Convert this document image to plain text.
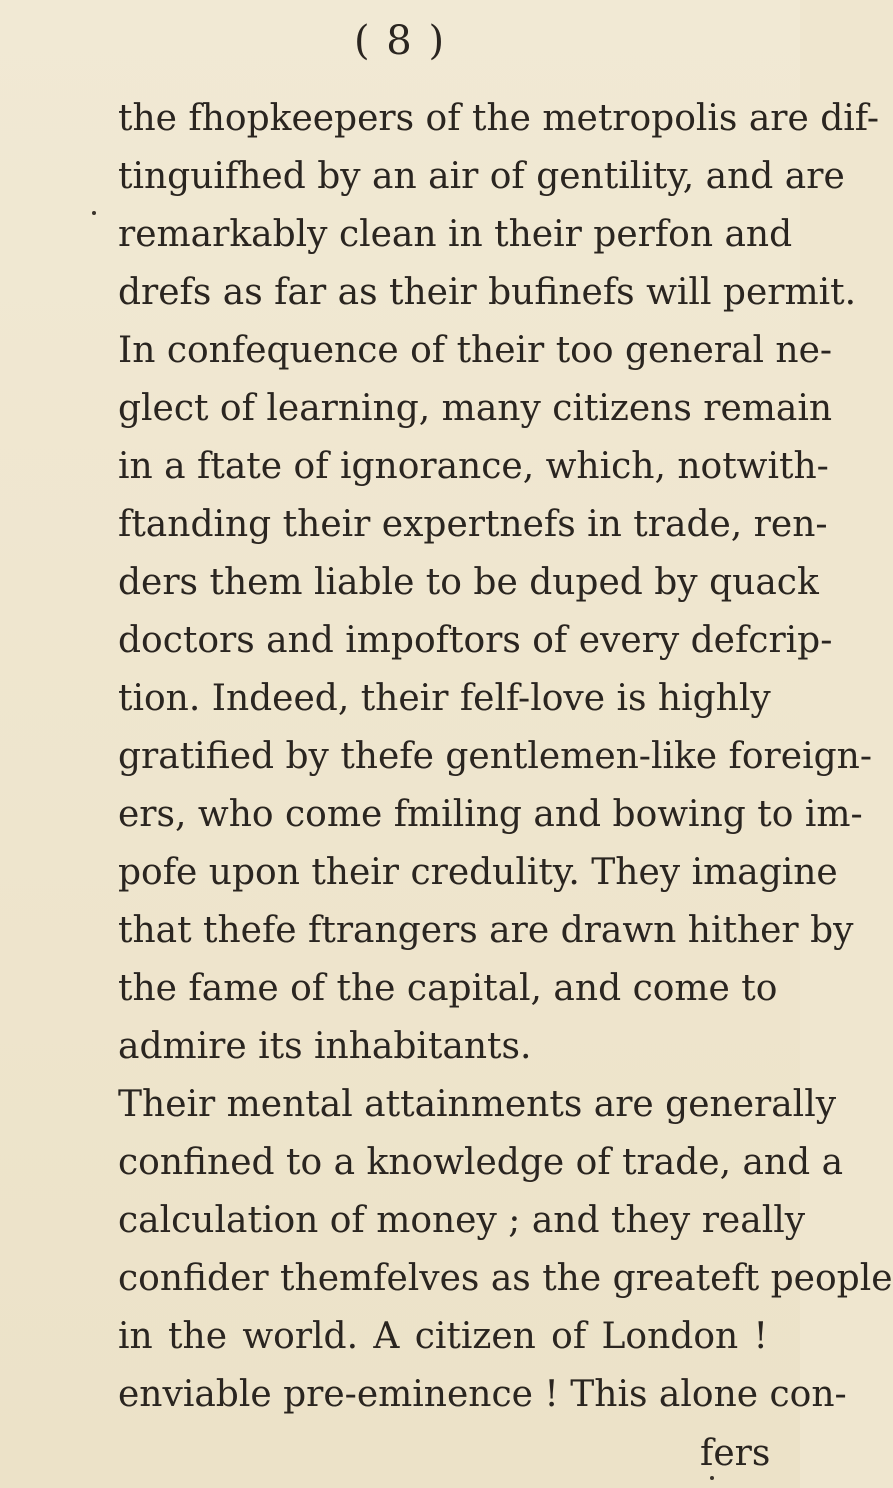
( 8 )
the fhopkeepers of the metropolis are dif-
tinguifhed by an air of gentility, and are
remarkably clean in their perfon and
drefs as far as their bufinefs will permit.
In confequence of their too general ne-
glect of learning, many citizens remain
in a ftate of ignorance, which, notwith-
ftanding their expertnefs in trade, ren-
ders them liable to be duped by quack
doctors and impoftors of every defcrip-
tion. Indeed, their felf-love is highly
gratified by thefe gentlemen-like foreign-
ers, who come fmiling and bowing to im-
pofe upon their credulity. They imagine
that thefe ftrangers are drawn hither by
the fame of the capital, and come to
admire its inhabitants.
Their mental attainments are generally
confined to a knowledge of trade, and a
calculation of money ; and they really
confider themfelves as the greateft people
in the world. A citizen of London !
enviable pre-eminence ! This alone con-
fers
